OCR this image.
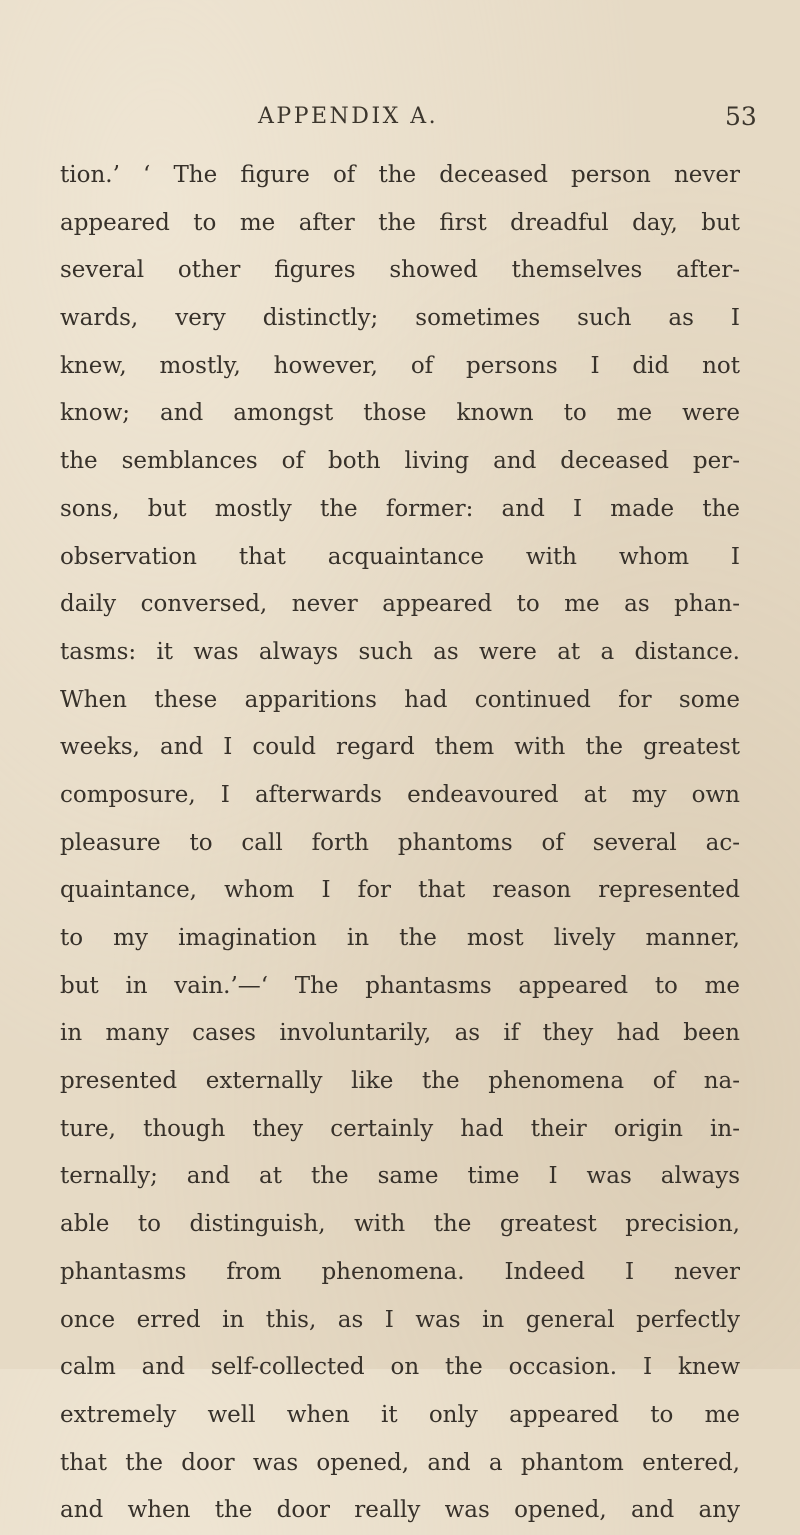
APPENDIX A.	53
tion.’ ‘ The figure of the deceased person never
appeared to me after the first dreadful day, but
several other figures showed themselves after-
wards, very distinctly; sometimes such as I
knew, mostly, however, of persons I did not
know; and amongst those known to me were
the semblances of both living and deceased per-
sons, but mostly the former: and I made the
observation that acquaintance with whom I
daily conversed, never appeared to me as phan-
tasms: it was always such as were at a distance.
When these apparitions had continued for some
weeks, and I could regard them with the greatest
composure, I afterwards endeavoured at my own
pleasure to call forth phantoms of several ac-
quaintance, whom I for that reason represented
to my imagination in the most lively manner,
but in vain.’—‘ The phantasms appeared to me
in many cases involuntarily, as if they had been
presented externally like the phenomena of na-
ture, though they certainly had their origin in-
ternally; and at the same time I was always
able to distinguish, with the greatest precision,
phantasms from phenomena. Indeed I never
once erred in this, as I was in general perfectly
calm and self-collected on the occasion. I knew
extremely well when it only appeared to me
that the door was opened, and a phantom entered,
and when the door really was opened, and any
